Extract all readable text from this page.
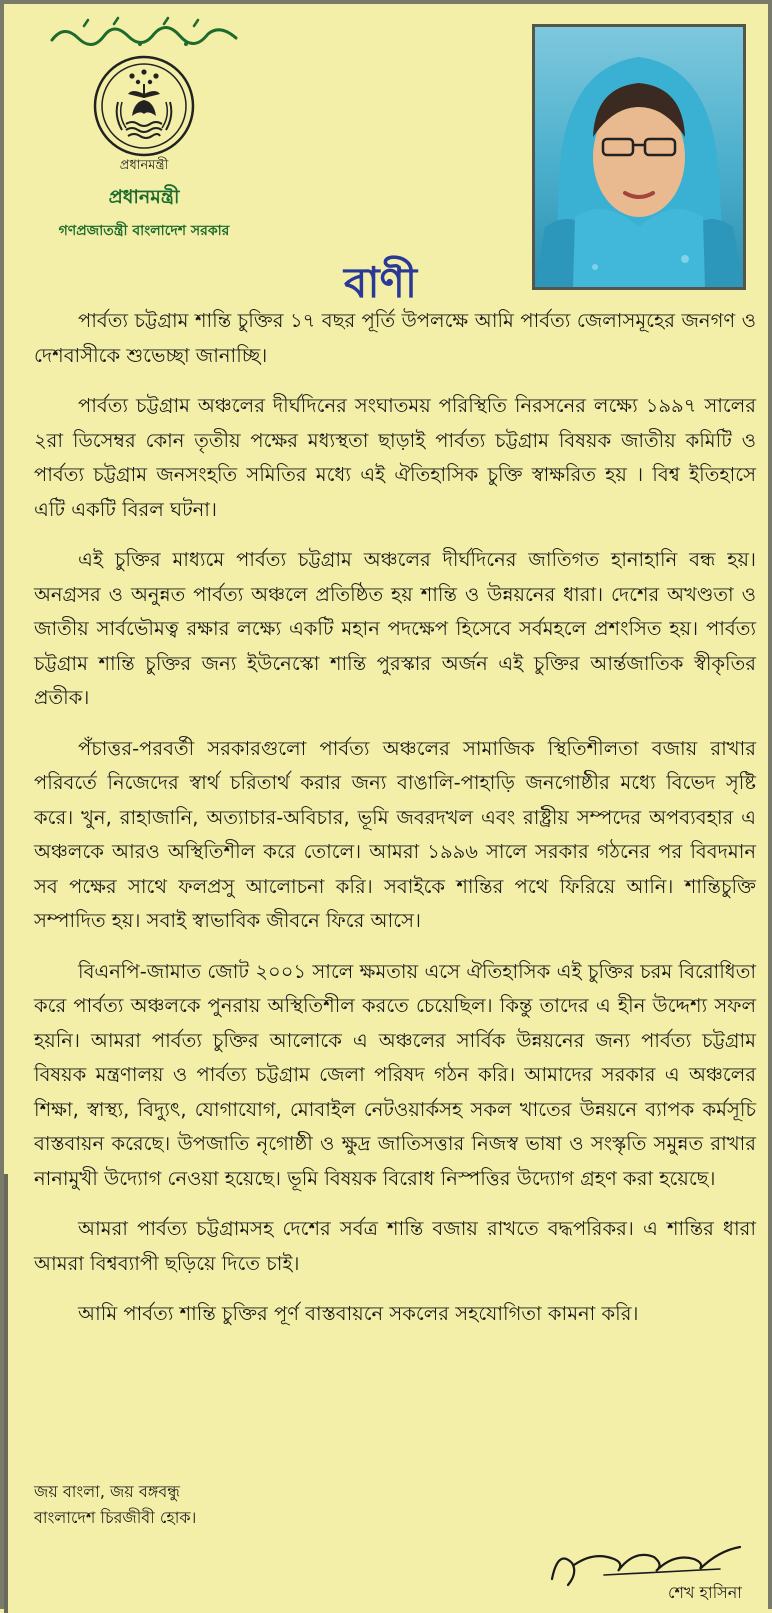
প্রধানমন্ত্রী
প্রধানমন্ত্রী
গণপ্রজাতন্ত্রী বাংলাদেশ সরকার
বাণী

পার্বত্য চট্টগ্রাম শান্তি চুক্তির ১৭ বছর পূর্তি উপলক্ষে আমি পার্বত্য জেলাসমূহের জনগণ ও দেশবাসীকে শুভেচ্ছা জানাচ্ছি।

পার্বত্য চট্টগ্রাম অঞ্চলের দীর্ঘদিনের সংঘাতময় পরিস্থিতি নিরসনের লক্ষ্যে ১৯৯৭ সালের ২রা ডিসেম্বর কোন তৃতীয় পক্ষের মধ্যস্থতা ছাড়াই পার্বত্য চট্টগ্রাম বিষয়ক জাতীয় কমিটি ও পার্বত্য চট্টগ্রাম জনসংহতি সমিতির মধ্যে এই ঐতিহাসিক চুক্তি স্বাক্ষরিত হয় । বিশ্ব ইতিহাসে এটি একটি বিরল ঘটনা।

এই চুক্তির মাধ্যমে পার্বত্য চট্টগ্রাম অঞ্চলের দীর্ঘদিনের জাতিগত হানাহানি বন্ধ হয়। অনগ্রসর ও অনুন্নত পার্বত্য অঞ্চলে প্রতিষ্ঠিত হয় শান্তি ও উন্নয়নের ধারা। দেশের অখণ্ডতা ও জাতীয় সার্বভৌমত্ব রক্ষার লক্ষ্যে একটি মহান পদক্ষেপ হিসেবে সর্বমহলে প্রশংসিত হয়। পার্বত্য চট্টগ্রাম শান্তি চুক্তির জন্য ইউনেস্কো শান্তি পুরস্কার অর্জন এই চুক্তির আর্ন্তজাতিক স্বীকৃতির প্রতীক।

পঁচাত্তর-পরবর্তী সরকারগুলো পার্বত্য অঞ্চলের সামাজিক স্থিতিশীলতা বজায় রাখার পরিবর্তে নিজেদের স্বার্থ চরিতার্থ করার জন্য বাঙালি-পাহাড়ি জনগোষ্ঠীর মধ্যে বিভেদ সৃষ্টি করে। খুন, রাহাজানি, অত্যাচার-অবিচার, ভূমি জবরদখল এবং রাষ্ট্রীয় সম্পদের অপব্যবহার এ অঞ্চলকে আরও অস্থিতিশীল করে তোলে। আমরা ১৯৯৬ সালে সরকার গঠনের পর বিবদমান সব পক্ষের সাথে ফলপ্রসু আলোচনা করি। সবাইকে শান্তির পথে ফিরিয়ে আনি। শান্তিচুক্তি সম্পাদিত হয়। সবাই স্বাভাবিক জীবনে ফিরে আসে।

বিএনপি-জামাত জোট ২০০১ সালে ক্ষমতায় এসে ঐতিহাসিক এই চুক্তির চরম বিরোধিতা করে পার্বত্য অঞ্চলকে পুনরায় অস্থিতিশীল করতে চেয়েছিল। কিন্তু তাদের এ হীন উদ্দেশ্য সফল হয়নি। আমরা পার্বত্য চুক্তির আলোকে এ অঞ্চলের সার্বিক উন্নয়নের জন্য পার্বত্য চট্টগ্রাম বিষয়ক মন্ত্রণালয় ও পার্বত্য চট্টগ্রাম জেলা পরিষদ গঠন করি। আমাদের সরকার এ অঞ্চলের শিক্ষা, স্বাস্থ্য, বিদ্যুৎ, যোগাযোগ, মোবাইল নেটওয়ার্কসহ সকল খাতের উন্নয়নে ব্যাপক কর্মসূচি বাস্তবায়ন করেছে। উপজাতি নৃগোষ্ঠী ও ক্ষুদ্র জাতিসত্তার নিজস্ব ভাষা ও সংস্কৃতি সমুন্নত রাখার নানামুখী উদ্যোগ নেওয়া হয়েছে। ভূমি বিষয়ক বিরোধ নিস্পত্তির উদ্যোগ গ্রহণ করা হয়েছে।

আমরা পার্বত্য চট্টগ্রামসহ দেশের সর্বত্র শান্তি বজায় রাখতে বদ্ধপরিকর। এ শান্তির ধারা আমরা বিশ্বব্যাপী ছড়িয়ে দিতে চাই।

আমি পার্বত্য শান্তি চুক্তির পূর্ণ বাস্তবায়নে সকলের সহযোগিতা কামনা করি।

জয় বাংলা, জয় বঙ্গবন্ধু
বাংলাদেশ চিরজীবী হোক।
শেখ হাসিনা
